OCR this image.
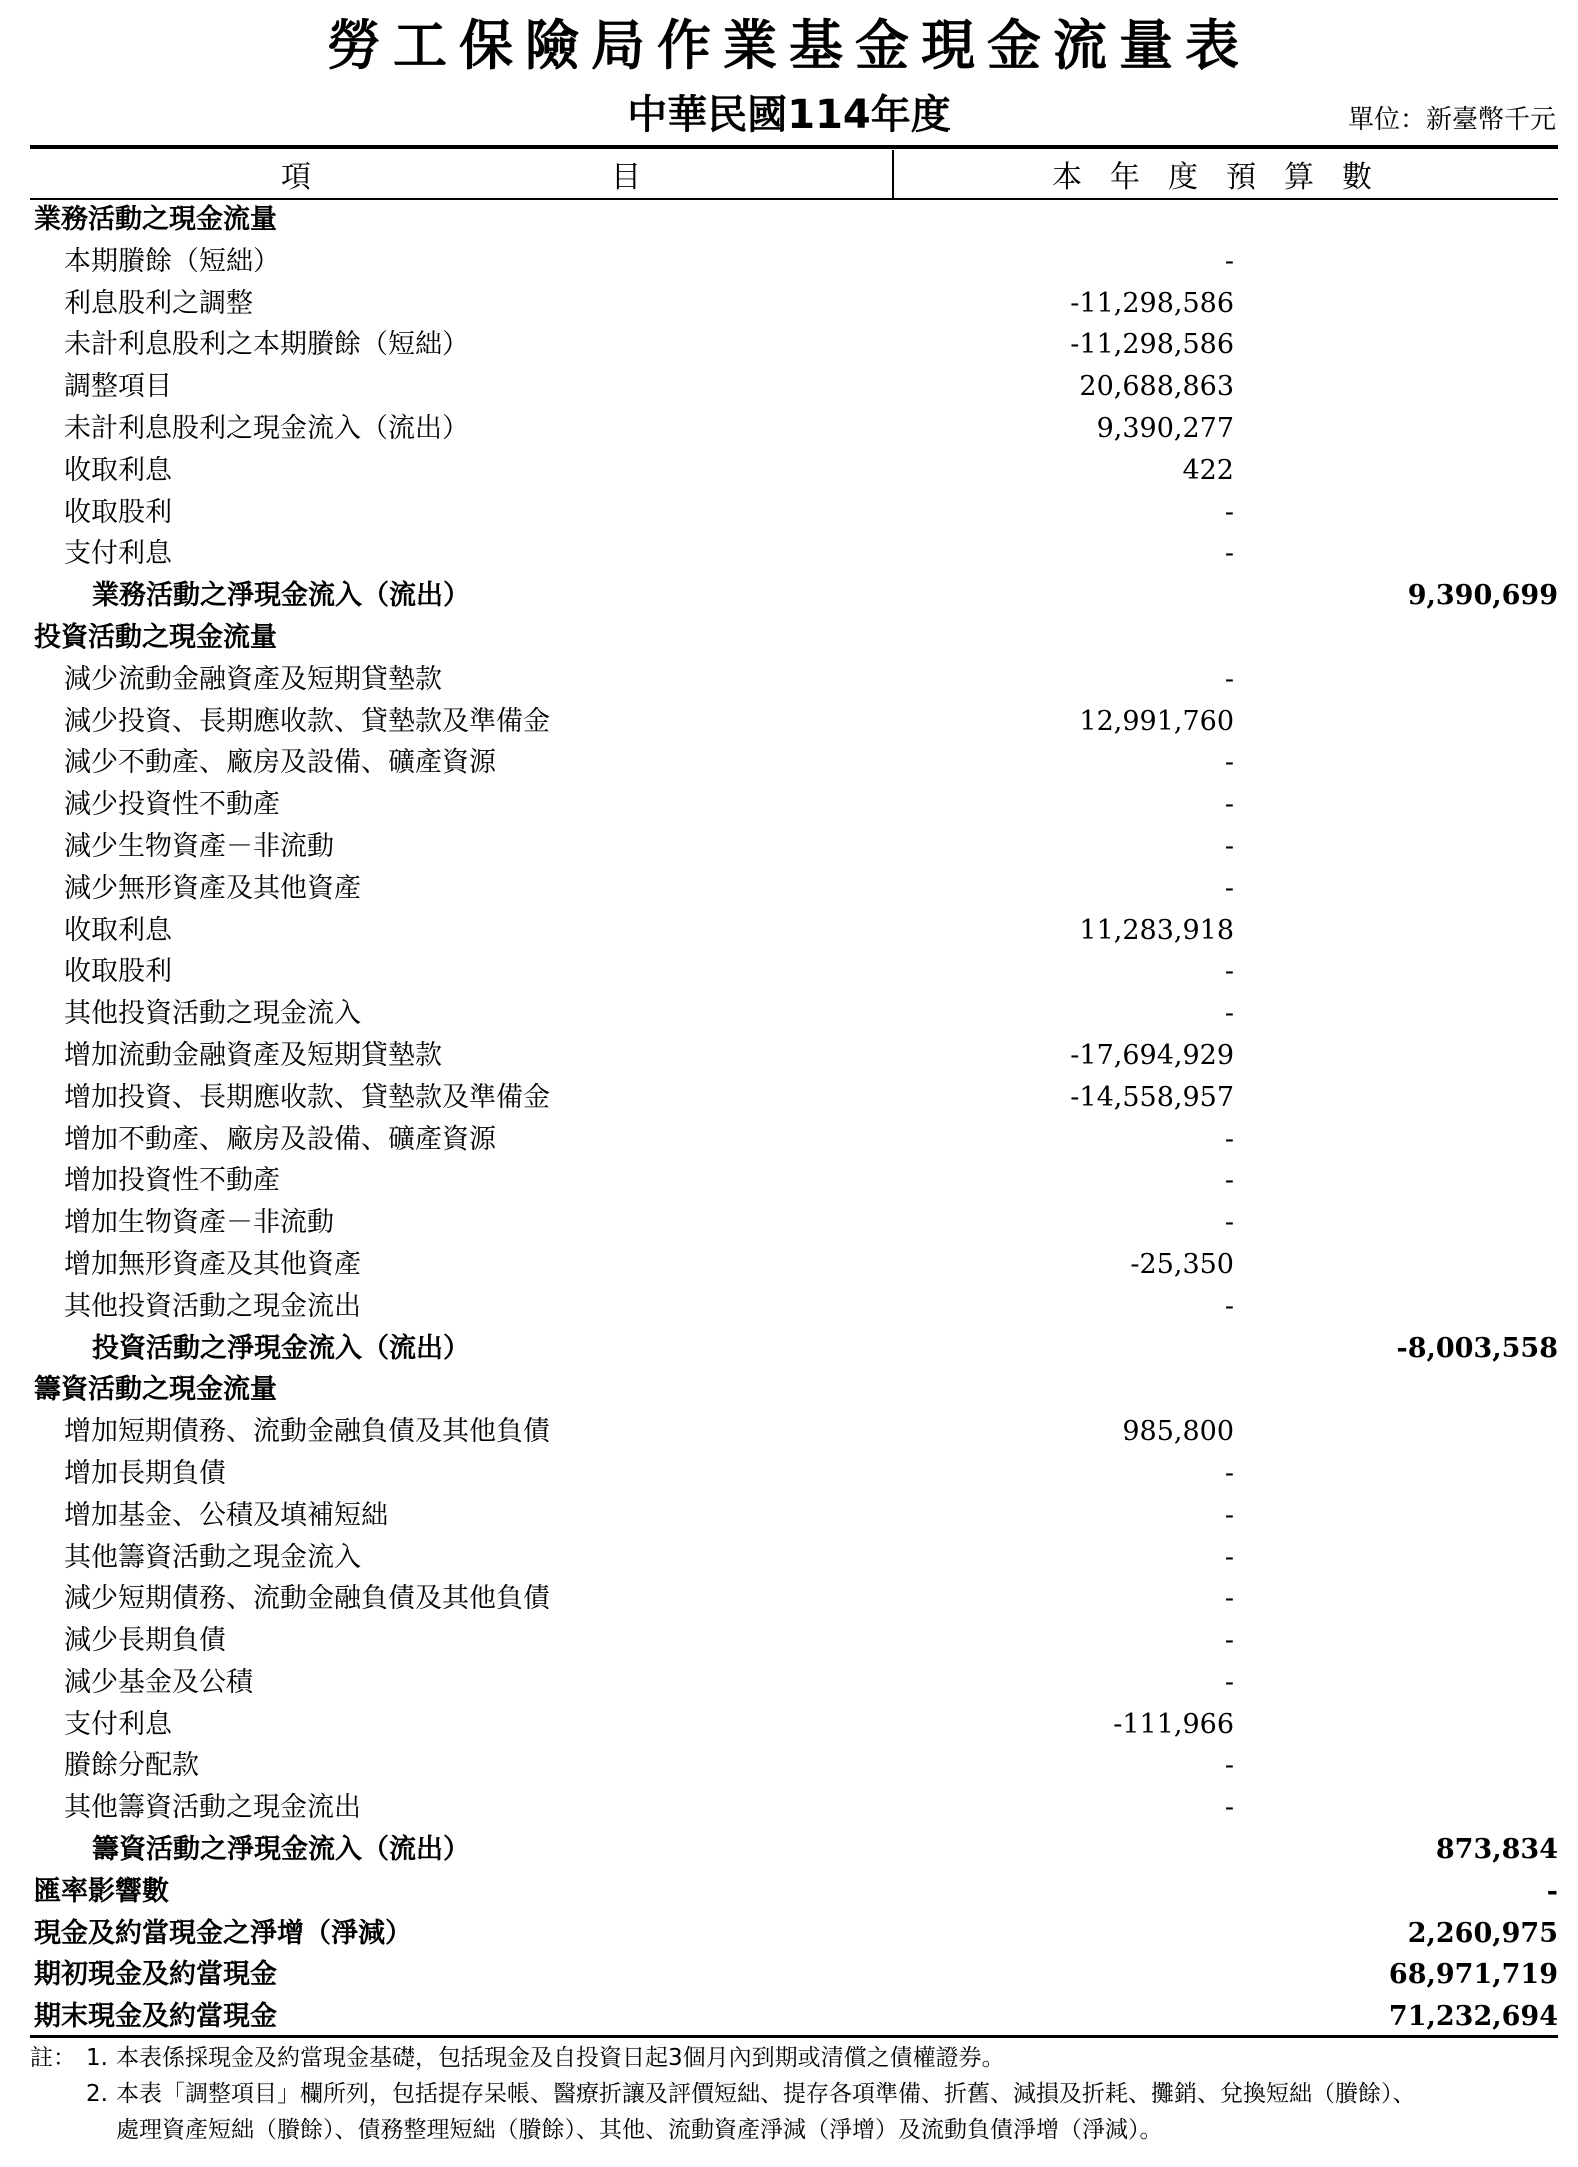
勞工保險局作業基金現金流量表
中華民國114年度	單位：新臺幣千元
項	目	本年度預算數
業務活動之現金流量
本期賸餘（短絀）	-
利息股利之調整	-11,298,586
未計利息股利之本期賸餘（短絀）	-11,298,586
調整項目	20,688,863
未計利息股利之現金流入（流出）	9,390,277
收取利息	422
收取股利	-
支付利息	-
業務活動之淨現金流入（流出）	9,390,699
投資活動之現金流量
減少流動金融資產及短期貸墊款	-
減少投資、長期應收款、貸墊款及準備金	12,991,760
減少不動產、廠房及設備、礦產資源	-
減少投資性不動產	-
減少生物資產－非流動	-
減少無形資產及其他資產	-
收取利息	11,283,918
收取股利	-
其他投資活動之現金流入	-
增加流動金融資產及短期貸墊款	-17,694,929
增加投資、長期應收款、貸墊款及準備金	-14,558,957
增加不動產、廠房及設備、礦產資源	-
增加投資性不動產	-
增加生物資產－非流動	-
增加無形資產及其他資產	-25,350
其他投資活動之現金流出	-
投資活動之淨現金流入（流出）	-8,003,558
籌資活動之現金流量
增加短期債務、流動金融負債及其他負債	985,800
增加長期負債	-
增加基金、公積及填補短絀	-
其他籌資活動之現金流入	-
減少短期債務、流動金融負債及其他負債	-
減少長期負債	-
減少基金及公積	-
支付利息	-111,966
賸餘分配款	-
其他籌資活動之現金流出	-
籌資活動之淨現金流入（流出）	873,834
匯率影響數	-
現金及約當現金之淨增（淨減）	2,260,975
期初現金及約當現金	68,971,719
期末現金及約當現金	71,232,694
註： 1. 本表係採現金及約當現金基礎，包括現金及自投資日起3個月內到期或清償之債權證券。
2. 本表「調整項目」欄所列，包括提存呆帳、醫療折讓及評價短絀、提存各項準備、折舊、減損及折耗、攤銷、兌換短絀（賸餘）、
處理資產短絀（賸餘）、債務整理短絀（賸餘）、其他、流動資產淨減（淨增）及流動負債淨增（淨減）。
